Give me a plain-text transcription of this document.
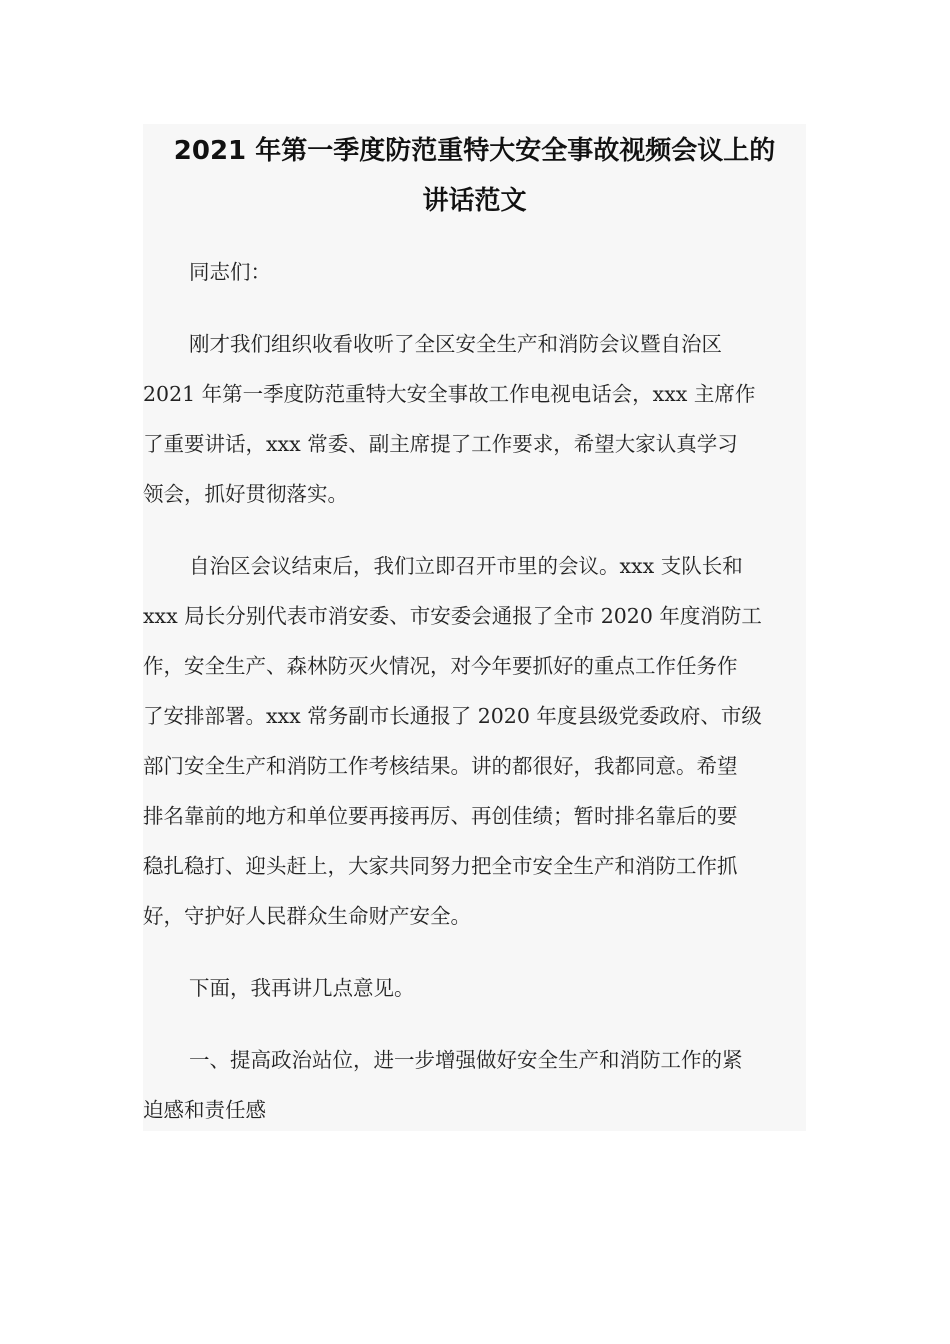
2021 年第一季度防范重特大安全事故视频会议上的
讲话范文
同志们：
刚才我们组织收看收听了全区安全生产和消防会议暨自治区
2021 年第一季度防范重特大安全事故工作电视电话会，xxx 主席作
了重要讲话，xxx 常委、副主席提了工作要求，希望大家认真学习
领会，抓好贯彻落实。
自治区会议结束后，我们立即召开市里的会议。xxx 支队长和
xxx 局长分别代表市消安委、市安委会通报了全市 2020 年度消防工
作，安全生产、森林防灭火情况，对今年要抓好的重点工作任务作
了安排部署。xxx 常务副市长通报了 2020 年度县级党委政府、市级
部门安全生产和消防工作考核结果。讲的都很好，我都同意。希望
排名靠前的地方和单位要再接再厉、再创佳绩；暂时排名靠后的要
稳扎稳打、迎头赶上，大家共同努力把全市安全生产和消防工作抓
好，守护好人民群众生命财产安全。
下面，我再讲几点意见。
一、提高政治站位，进一步增强做好安全生产和消防工作的紧
迫感和责任感
